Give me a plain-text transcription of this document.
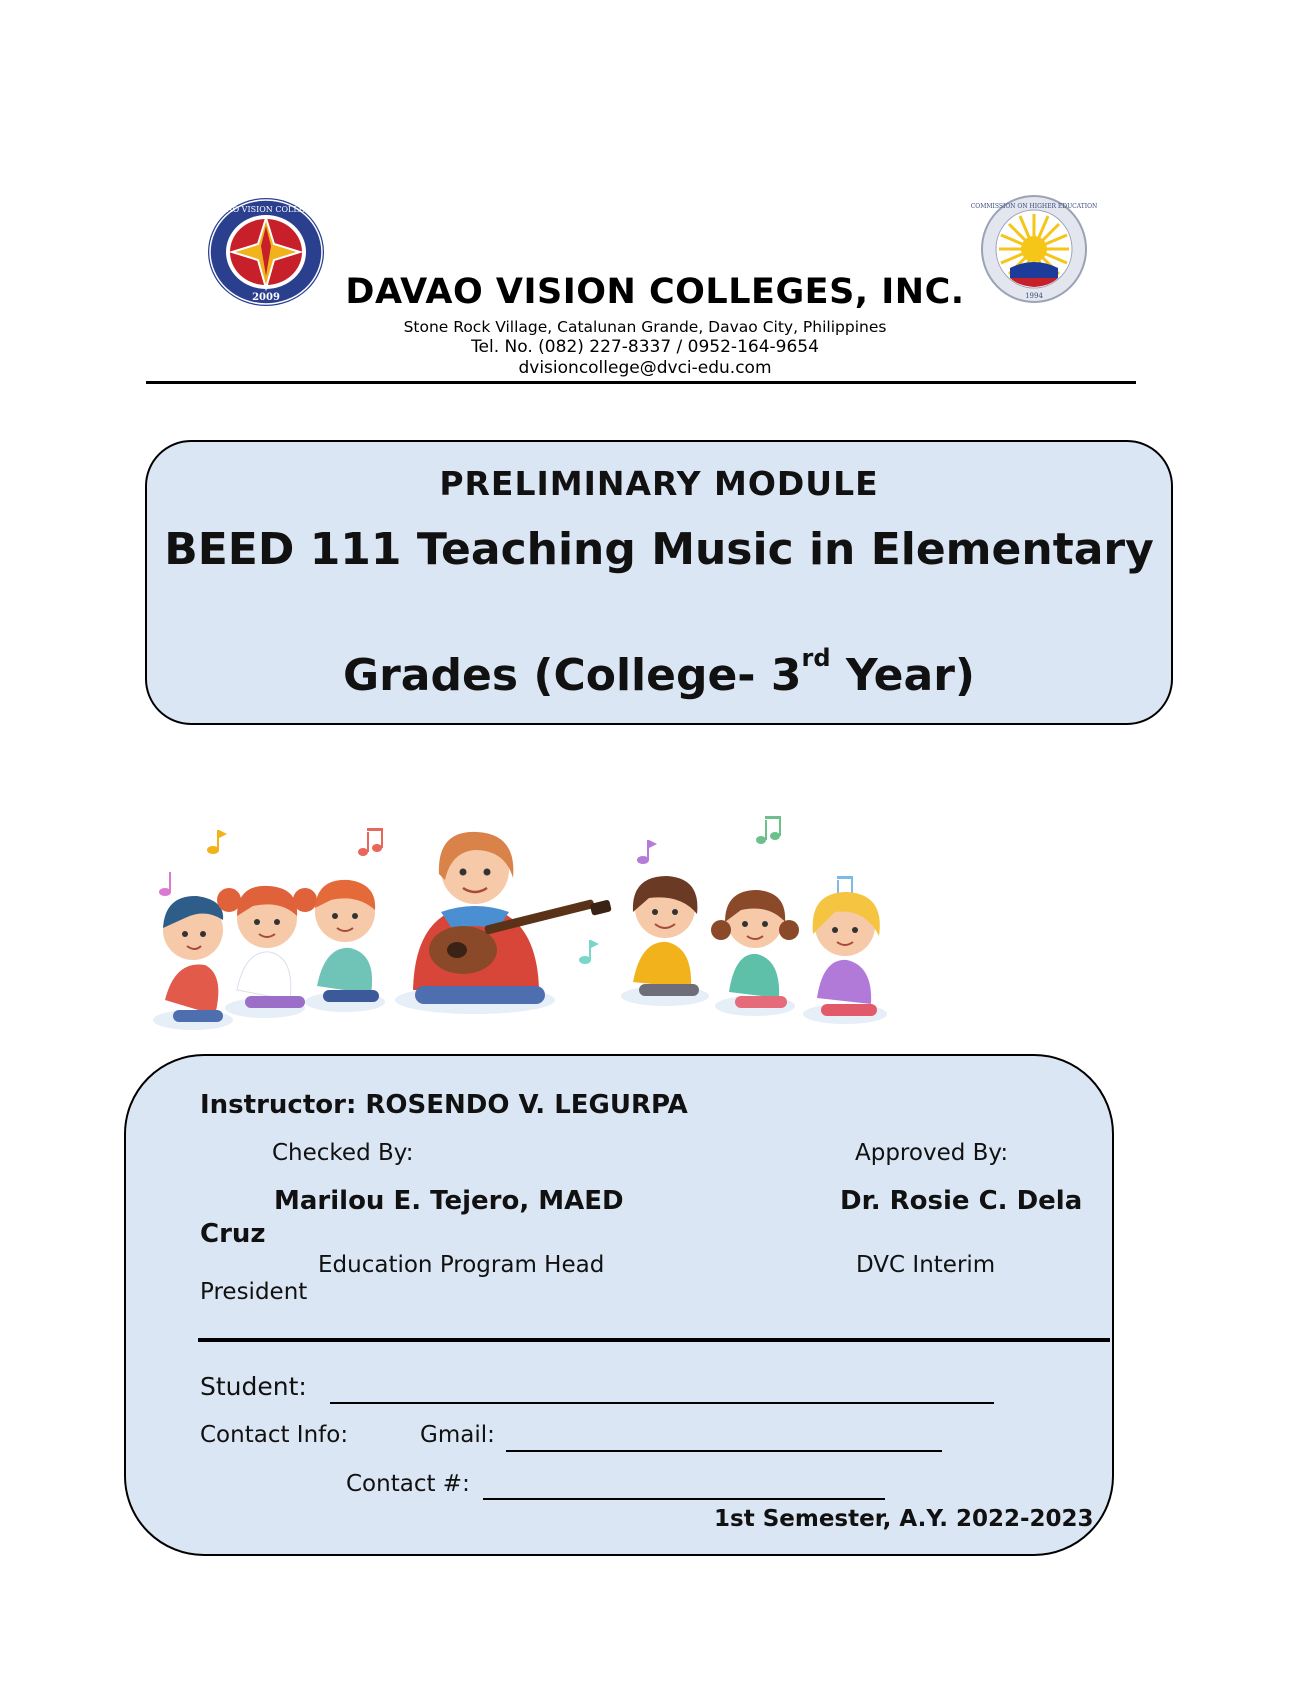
DAVAO VISION COLLEGES
2009
COMMISSION ON HIGHER EDUCATION
1994
DAVAO VISION COLLEGES, INC.
Stone Rock Village, Catalunan Grande, Davao City, Philippines
Tel. No. (082) 227-8337 / 0952-164-9654
dvisioncollege@dvci-edu.com
PRELIMINARY MODULE
BEED 111 Teaching Music in Elementary
Grades (College- 3rd Year)
Instructor: ROSENDO V. LEGURPA
Checked By:	Approved By:
Marilou E. Tejero, MAED	Dr. Rosie C. Dela
Cruz
Education Program Head	DVC Interim
President
Student:
Contact Info:	Gmail:
Contact #:
1st Semester, A.Y. 2022-2023
